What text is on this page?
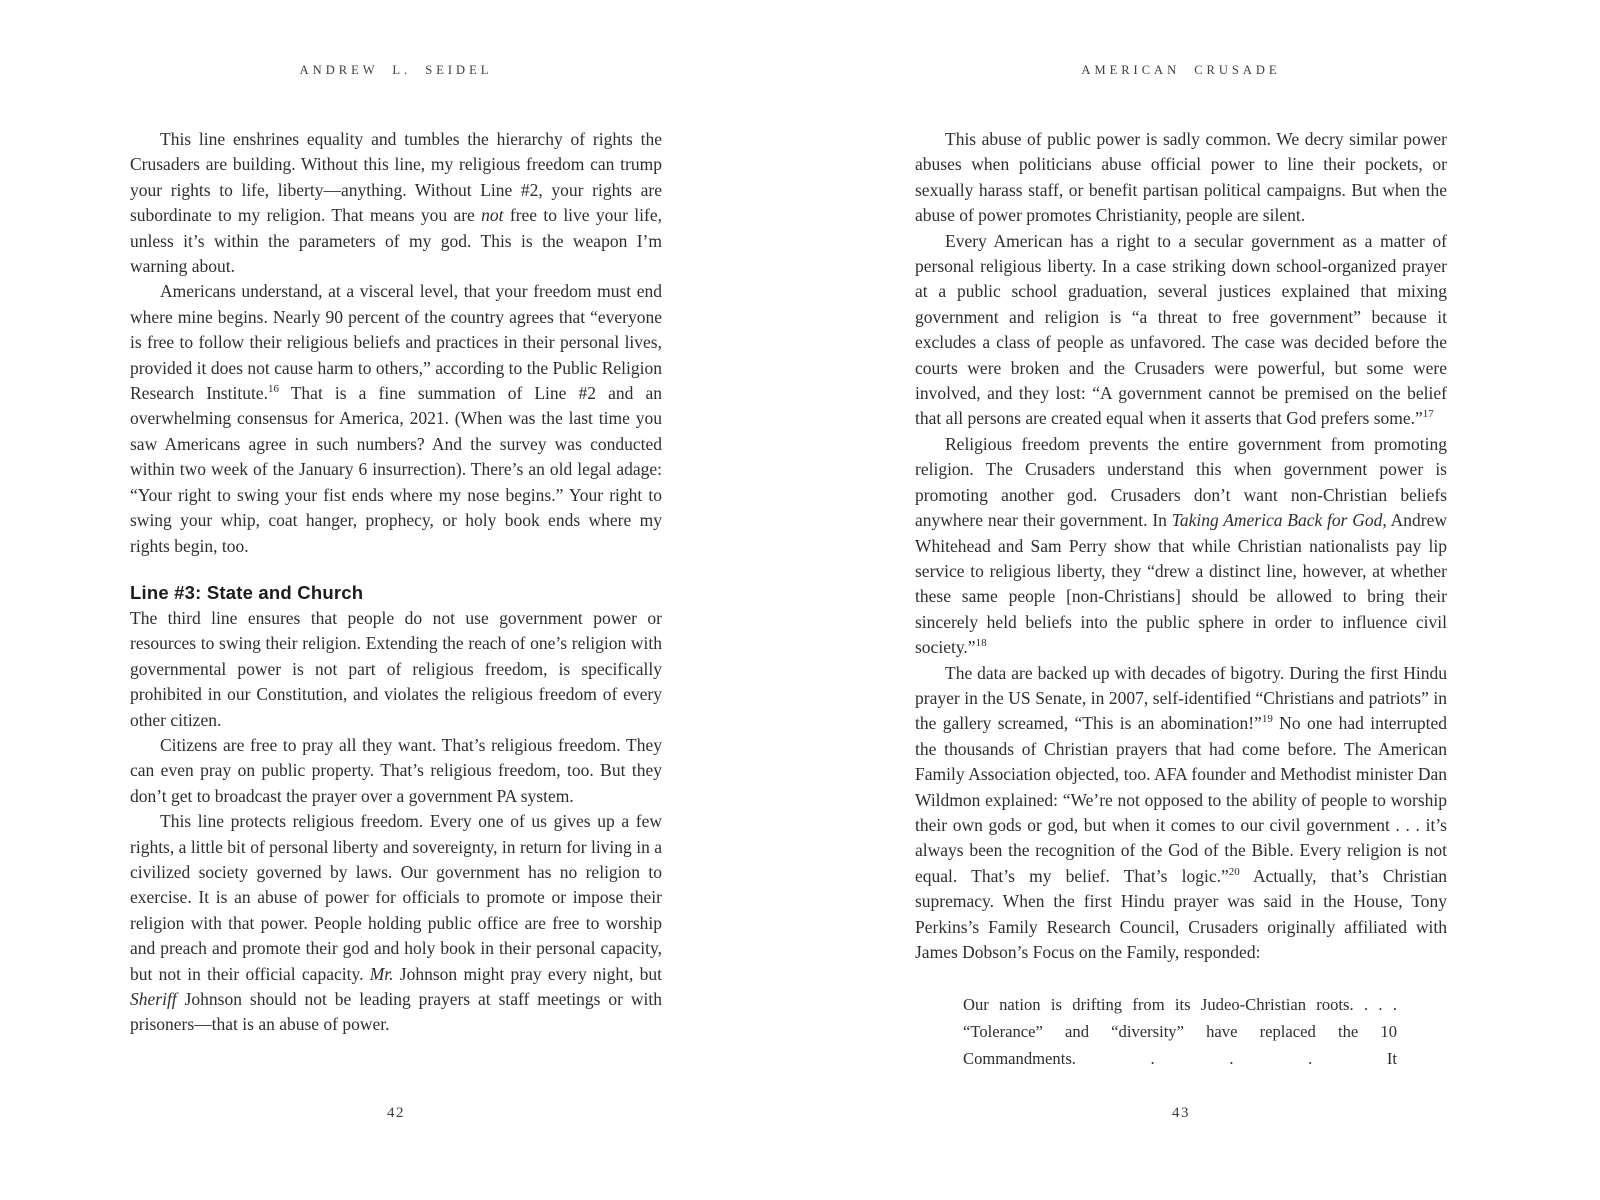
ANDREW L. SEIDEL

This line enshrines equality and tumbles the hierarchy of rights the Crusaders are building. Without this line, my religious freedom can trump your rights to life, liberty—anything. Without Line #2, your rights are subordinate to my religion. That means you are not free to live your life, unless it’s within the parameters of my god. This is the weapon I’m warning about.

Americans understand, at a visceral level, that your freedom must end where mine begins. Nearly 90 percent of the country agrees that “everyone is free to follow their religious beliefs and practices in their personal lives, provided it does not cause harm to others,” according to the Public Religion Research Institute.$^{16}$ That is a fine summation of Line #2 and an overwhelming consensus for America, 2021. (When was the last time you saw Americans agree in such numbers? And the survey was conducted within two week of the January 6 insurrection). There’s an old legal adage: “Your right to swing your fist ends where my nose begins.” Your right to swing your whip, coat hanger, prophecy, or holy book ends where my rights begin, too.

Line #3: State and Church

The third line ensures that people do not use government power or resources to swing their religion. Extending the reach of one’s religion with governmental power is not part of religious freedom, is specifically prohibited in our Constitution, and violates the religious freedom of every other citizen.

Citizens are free to pray all they want. That’s religious freedom. They can even pray on public property. That’s religious freedom, too. But they don’t get to broadcast the prayer over a government PA system.

This line protects religious freedom. Every one of us gives up a few rights, a little bit of personal liberty and sovereignty, in return for living in a civilized society governed by laws. Our government has no religion to exercise. It is an abuse of power for officials to promote or impose their religion with that power. People holding public office are free to worship and preach and promote their god and holy book in their personal capacity, but not in their official capacity. Mr. Johnson might pray every night, but Sheriff Johnson should not be leading prayers at staff meetings or with prisoners—that is an abuse of power.

42
AMERICAN CRUSADE

This abuse of public power is sadly common. We decry similar power abuses when politicians abuse official power to line their pockets, or sexually harass staff, or benefit partisan political campaigns. But when the abuse of power promotes Christianity, people are silent.

Every American has a right to a secular government as a matter of personal religious liberty. In a case striking down school-organized prayer at a public school graduation, several justices explained that mixing government and religion is “a threat to free government” because it excludes a class of people as unfavored. The case was decided before the courts were broken and the Crusaders were powerful, but some were involved, and they lost: “A government cannot be premised on the belief that all persons are created equal when it asserts that God prefers some.”$^{17}$

Religious freedom prevents the entire government from promoting religion. The Crusaders understand this when government power is promoting another god. Crusaders don’t want non-Christian beliefs anywhere near their government. In Taking America Back for God, Andrew Whitehead and Sam Perry show that while Christian nationalists pay lip service to religious liberty, they “drew a distinct line, however, at whether these same people [non-Christians] should be allowed to bring their sincerely held beliefs into the public sphere in order to influence civil society.”$^{18}$

The data are backed up with decades of bigotry. During the first Hindu prayer in the US Senate, in 2007, self-identified “Christians and patriots” in the gallery screamed, “This is an abomination!”$^{19}$ No one had interrupted the thousands of Christian prayers that had come before. The American Family Association objected, too. AFA founder and Methodist minister Dan Wildmon explained: “We’re not opposed to the ability of people to worship their own gods or god, but when it comes to our civil government . . . it’s always been the recognition of the God of the Bible. Every religion is not equal. That’s my belief. That’s logic.”$^{20}$ Actually, that’s Christian supremacy. When the first Hindu prayer was said in the House, Tony Perkins’s Family Research Council, Crusaders originally affiliated with James Dobson’s Focus on the Family, responded:

Our nation is drifting from its Judeo-Christian roots. . . . “Tolerance” and “diversity” have replaced the 10 Commandments. . . . It

43
